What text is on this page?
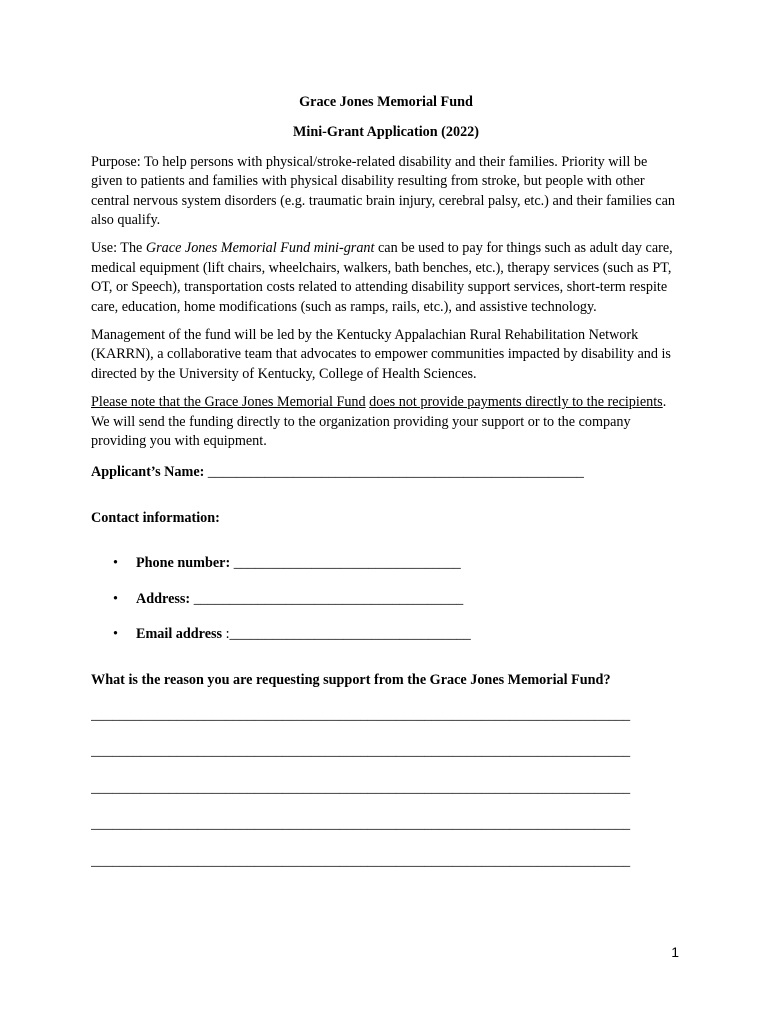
Grace Jones Memorial Fund

Mini-Grant Application (2022)

Purpose: To help persons with physical/stroke-related disability and their families. Priority will be given to patients and families with physical disability resulting from stroke, but people with other central nervous system disorders (e.g. traumatic brain injury, cerebral palsy, etc.) and their families can also qualify.

Use: The Grace Jones Memorial Fund mini-grant can be used to pay for things such as adult day care, medical equipment (lift chairs, wheelchairs, walkers, bath benches, etc.), therapy services (such as PT, OT, or Speech), transportation costs related to attending disability support services, short-term respite care, education, home modifications (such as ramps, rails, etc.), and assistive technology.

Management of the fund will be led by the Kentucky Appalachian Rural Rehabilitation Network (KARRN), a collaborative team that advocates to empower communities impacted by disability and is directed by the University of Kentucky, College of Health Sciences.

Please note that the Grace Jones Memorial Fund does not provide payments directly to the recipients. We will send the funding directly to the organization providing your support or to the company providing you with equipment.

Applicant’s Name: _____________________________________________________

Contact information:

• Phone number: ________________________________
• Address: ______________________________________
• Email address :__________________________________

What is the reason you are requesting support from the Grace Jones Memorial Fund?

____________________________________________________________________________

____________________________________________________________________________

____________________________________________________________________________

____________________________________________________________________________

____________________________________________________________________________

1
